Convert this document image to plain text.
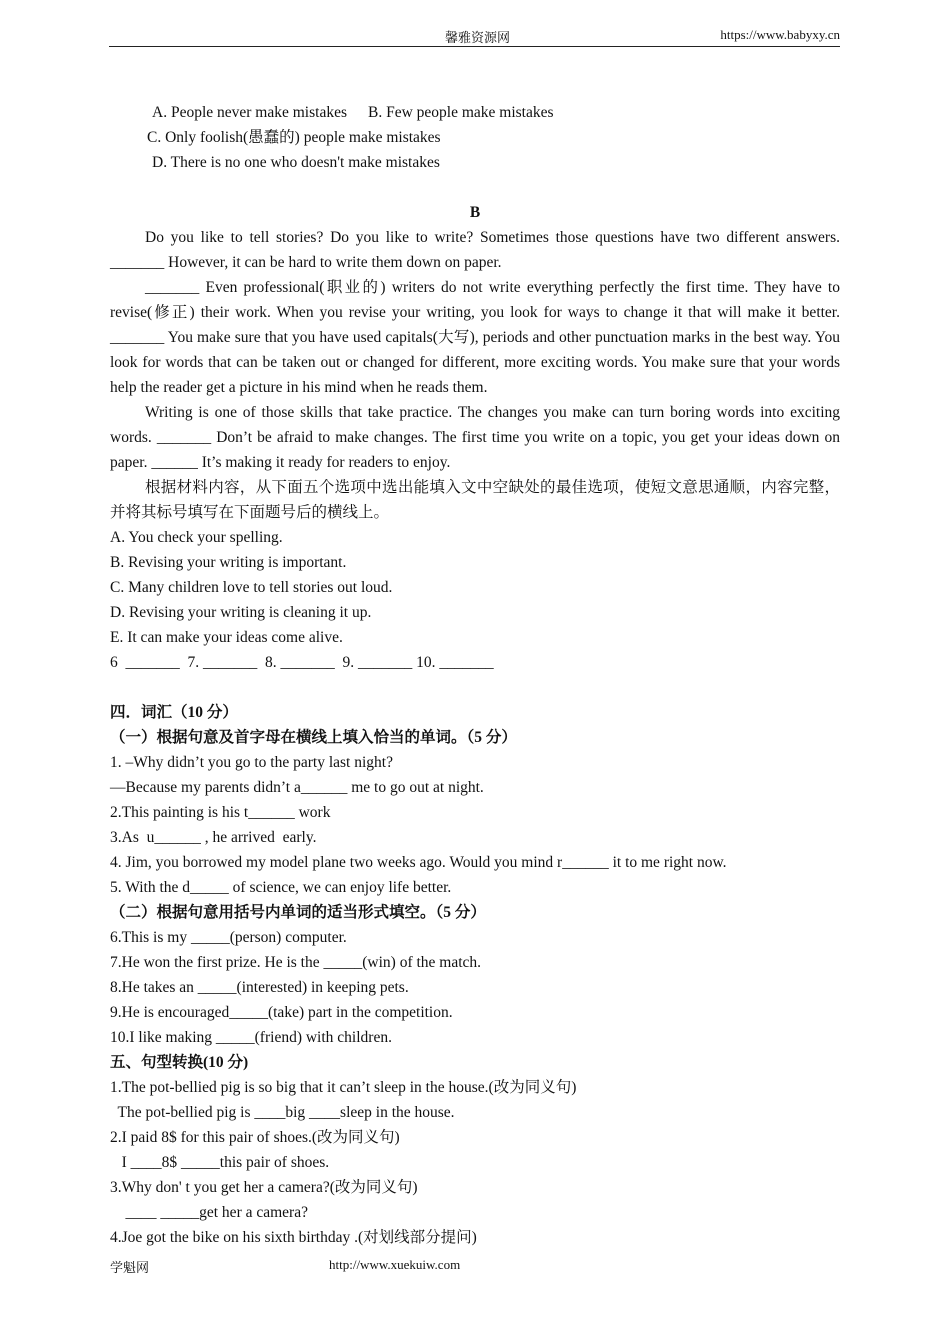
馨雅资源网	https://www.babyxy.cn
A. People never make mistakes B. Few people make mistakes
C. Only foolish(愚蠢的) people make mistakes
D. There is no one who doesn't make mistakes
B
Do you like to tell stories? Do you like to write? Sometimes those questions have two different answers. _______ However, it can be hard to write them down on paper.
_______ Even professional(职业的) writers do not write everything perfectly the first time. They have to revise(修正) their work. When you revise your writing, you look for ways to change it that will make it better. _______ You make sure that you have used capitals(大写), periods and other punctuation marks in the best way. You look for words that can be taken out or changed for different, more exciting words. You make sure that your words help the reader get a picture in his mind when he reads them.
Writing is one of those skills that take practice. The changes you make can turn boring words into exciting words. _______ Don’t be afraid to make changes. The first time you write on a topic, you get your ideas down on paper. ______ It’s making it ready for readers to enjoy.
根据材料内容，从下面五个选项中选出能填入文中空缺处的最佳选项，使短文意思通顺，内容完整，并将其标号填写在下面题号后的横线上。
A. You check your spelling.
B. Revising your writing is important.
C. Many children love to tell stories out loud.
D. Revising your writing is cleaning it up.
E. It can make your ideas come alive.
6  _______  7. _______  8. _______  9. _______ 10. _______
四．词汇（10 分）
（一）根据句意及首字母在横线上填入恰当的单词。（5 分）
1. –Why didn’t you go to the party last night?
—Because my parents didn’t a______ me to go out at night.
2.This painting is his t______ work
3.As  u______ , he arrived  early.
4. Jim, you borrowed my model plane two weeks ago. Would you mind r______ it to me right now.
5. With the d_____ of science, we can enjoy life better.
（二）根据句意用括号内单词的适当形式填空。（5 分）
6.This is my _____(person) computer.
7.He won the first prize. He is the _____(win) of the match.
8.He takes an _____(interested) in keeping pets.
9.He is encouraged_____(take) part in the competition.
10.I like making _____(friend) with children.
五、句型转换(10 分)
1.The pot-bellied pig is so big that it can’t sleep in the house.(改为同义句)
The pot-bellied pig is ____big ____sleep in the house.
2.I paid 8$ for this pair of shoes.(改为同义句)
I ____8$ _____this pair of shoes.
3.Why don' t you get her a camera?(改为同义句)
____ _____get her a camera?
4.Joe got the bike on his sixth birthday .(对划线部分提问)
学魁网	http://www.xuekuiw.com
